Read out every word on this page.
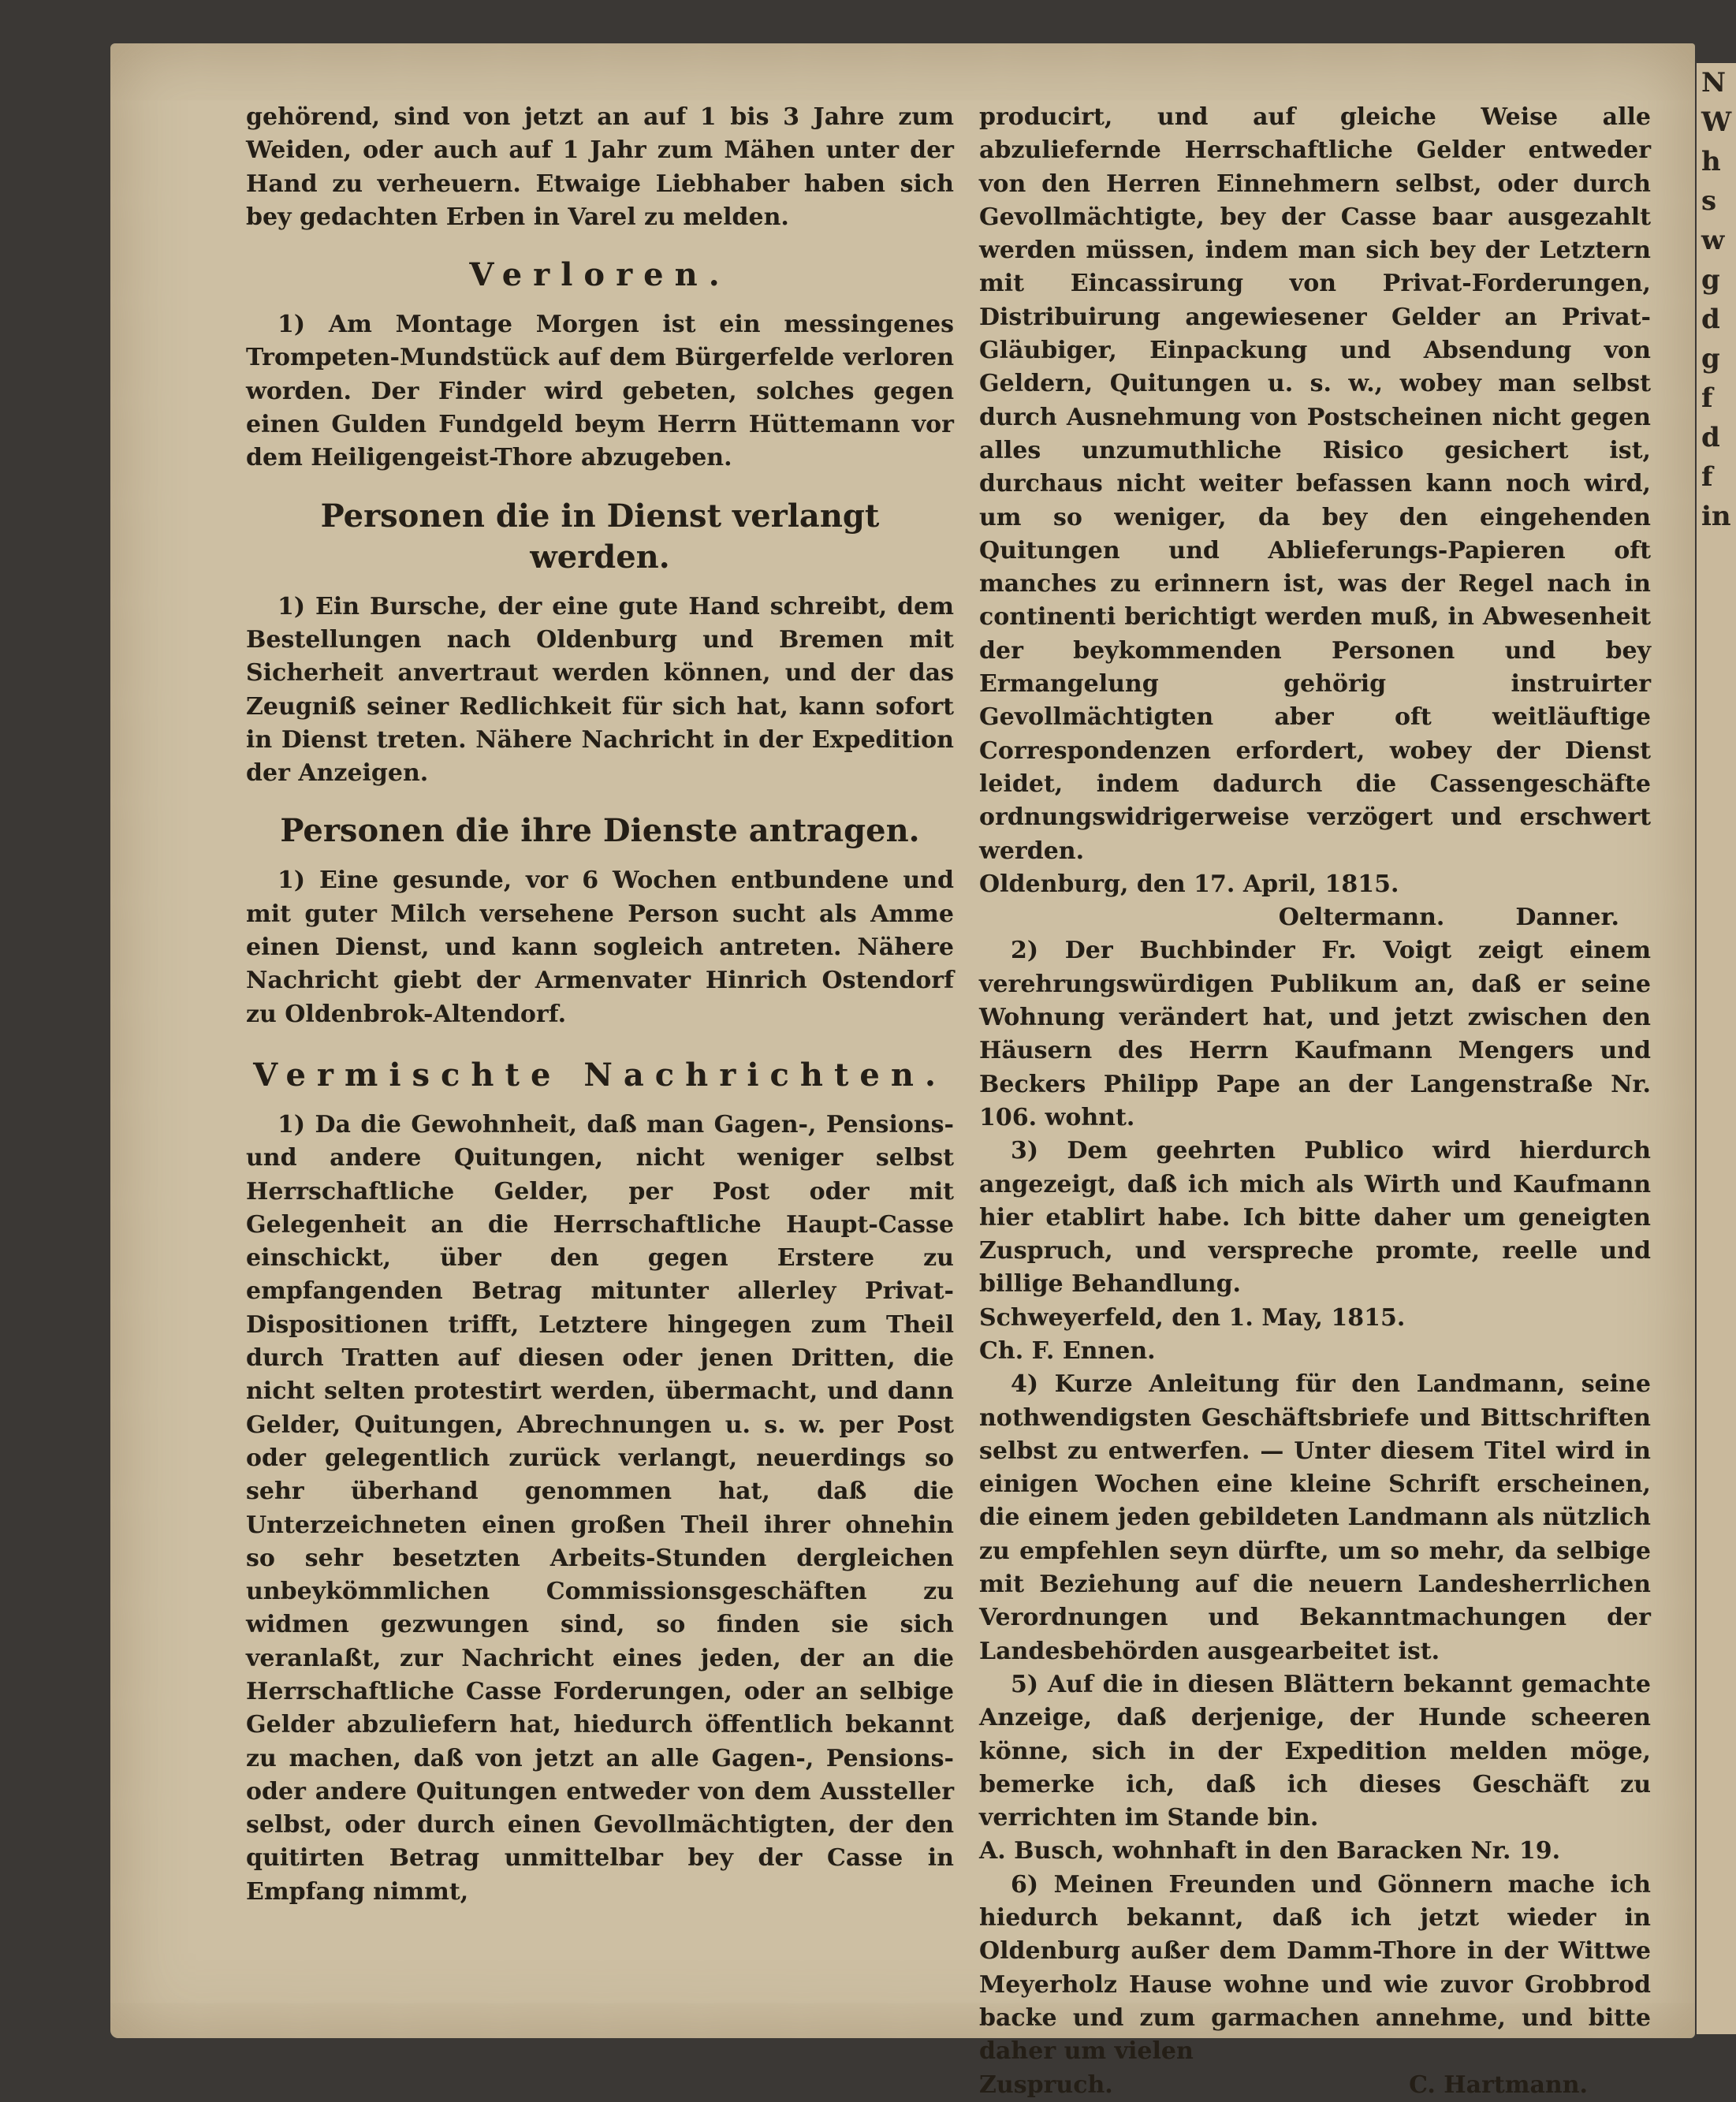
N
W
h
s
w
g
d
g
f
d
f
in

gehörend, sind von jetzt an auf 1 bis 3 Jahre zum Weiden, oder auch auf 1 Jahr zum Mähen unter der Hand zu verheuern. Etwaige Liebhaber haben sich bey gedachten Erben in Varel zu melden.

Verloren.

1) Am Montage Morgen ist ein messingenes Trompeten-Mundstück auf dem Bürgerfelde verloren worden. Der Finder wird gebeten, solches gegen einen Gulden Fundgeld beym Herrn Hüttemann vor dem Heiligengeist-Thore abzugeben.

Personen die in Dienst verlangt werden.

1) Ein Bursche, der eine gute Hand schreibt, dem Bestellungen nach Oldenburg und Bremen mit Sicherheit anvertraut werden können, und der das Zeugniß seiner Redlichkeit für sich hat, kann sofort in Dienst treten. Nähere Nachricht in der Expedition der Anzeigen.

Personen die ihre Dienste antragen.

1) Eine gesunde, vor 6 Wochen entbundene und mit guter Milch versehene Person sucht als Amme einen Dienst, und kann sogleich antreten. Nähere Nachricht giebt der Armenvater Hinrich Ostendorf zu Oldenbrok-Altendorf.

Vermischte Nachrichten.

1) Da die Gewohnheit, daß man Gagen-, Pensions- und andere Quitungen, nicht weniger selbst Herrschaftliche Gelder, per Post oder mit Gelegenheit an die Herrschaftliche Haupt-Casse einschickt, über den gegen Erstere zu empfangenden Betrag mitunter allerley Privat-Dispositionen trifft, Letztere hingegen zum Theil durch Tratten auf diesen oder jenen Dritten, die nicht selten protestirt werden, übermacht, und dann Gelder, Quitungen, Abrechnungen u. s. w. per Post oder gelegentlich zurück verlangt, neuerdings so sehr überhand genommen hat, daß die Unterzeichneten einen großen Theil ihrer ohnehin so sehr besetzten Arbeits-Stunden dergleichen unbeykömmlichen Commissionsgeschäften zu widmen gezwungen sind, so finden sie sich veranlaßt, zur Nachricht eines jeden, der an die Herrschaftliche Casse Forderungen, oder an selbige Gelder abzuliefern hat, hiedurch öffentlich bekannt zu machen, daß von jetzt an alle Gagen-, Pensions- oder andere Quitungen entweder von dem Aussteller selbst, oder durch einen Gevollmächtigten, der den quitirten Betrag unmittelbar bey der Casse in Empfang nimmt,

producirt, und auf gleiche Weise alle abzuliefernde Herrschaftliche Gelder entweder von den Herren Einnehmern selbst, oder durch Gevollmächtigte, bey der Casse baar ausgezahlt werden müssen, indem man sich bey der Letztern mit Eincassirung von Privat-Forderungen, Distribuirung angewiesener Gelder an Privat-Gläubiger, Einpackung und Absendung von Geldern, Quitungen u. s. w., wobey man selbst durch Ausnehmung von Postscheinen nicht gegen alles unzumuthliche Risico gesichert ist, durchaus nicht weiter befassen kann noch wird, um so weniger, da bey den eingehenden Quitungen und Ablieferungs-Papieren oft manches zu erinnern ist, was der Regel nach in continenti berichtigt werden muß, in Abwesenheit der beykommenden Personen und bey Ermangelung gehörig instruirter Gevollmächtigten aber oft weitläuftige Correspondenzen erfordert, wobey der Dienst leidet, indem dadurch die Cassengeschäfte ordnungswidrigerweise verzögert und erschwert werden.

Oldenburg, den 17. April, 1815.

Oeltermann.	Danner.

2) Der Buchbinder Fr. Voigt zeigt einem verehrungswürdigen Publikum an, daß er seine Wohnung verändert hat, und jetzt zwischen den Häusern des Herrn Kaufmann Mengers und Beckers Philipp Pape an der Langenstraße Nr. 106. wohnt.

3) Dem geehrten Publico wird hierdurch angezeigt, daß ich mich als Wirth und Kaufmann hier etablirt habe. Ich bitte daher um geneigten Zuspruch, und verspreche promte, reelle und billige Behandlung.

Schweyerfeld, den 1. May, 1815.

Ch. F. Ennen.

4) Kurze Anleitung für den Landmann, seine nothwendigsten Geschäftsbriefe und Bittschriften selbst zu entwerfen. — Unter diesem Titel wird in einigen Wochen eine kleine Schrift erscheinen, die einem jeden gebildeten Landmann als nützlich zu empfehlen seyn dürfte, um so mehr, da selbige mit Beziehung auf die neuern Landesherrlichen Verordnungen und Bekanntmachungen der Landesbehörden ausgearbeitet ist.

5) Auf die in diesen Blättern bekannt gemachte Anzeige, daß derjenige, der Hunde scheeren könne, sich in der Expedition melden möge, bemerke ich, daß ich dieses Geschäft zu verrichten im Stande bin.

A. Busch, wohnhaft in den Baracken Nr. 19.

6) Meinen Freunden und Gönnern mache ich hiedurch bekannt, daß ich jetzt wieder in Oldenburg außer dem Damm-Thore in der Wittwe Meyerholz Hause wohne und wie zuvor Grobbrod backe und zum garmachen annehme, und bitte daher um vielen

Zuspruch.	C. Hartmann.
